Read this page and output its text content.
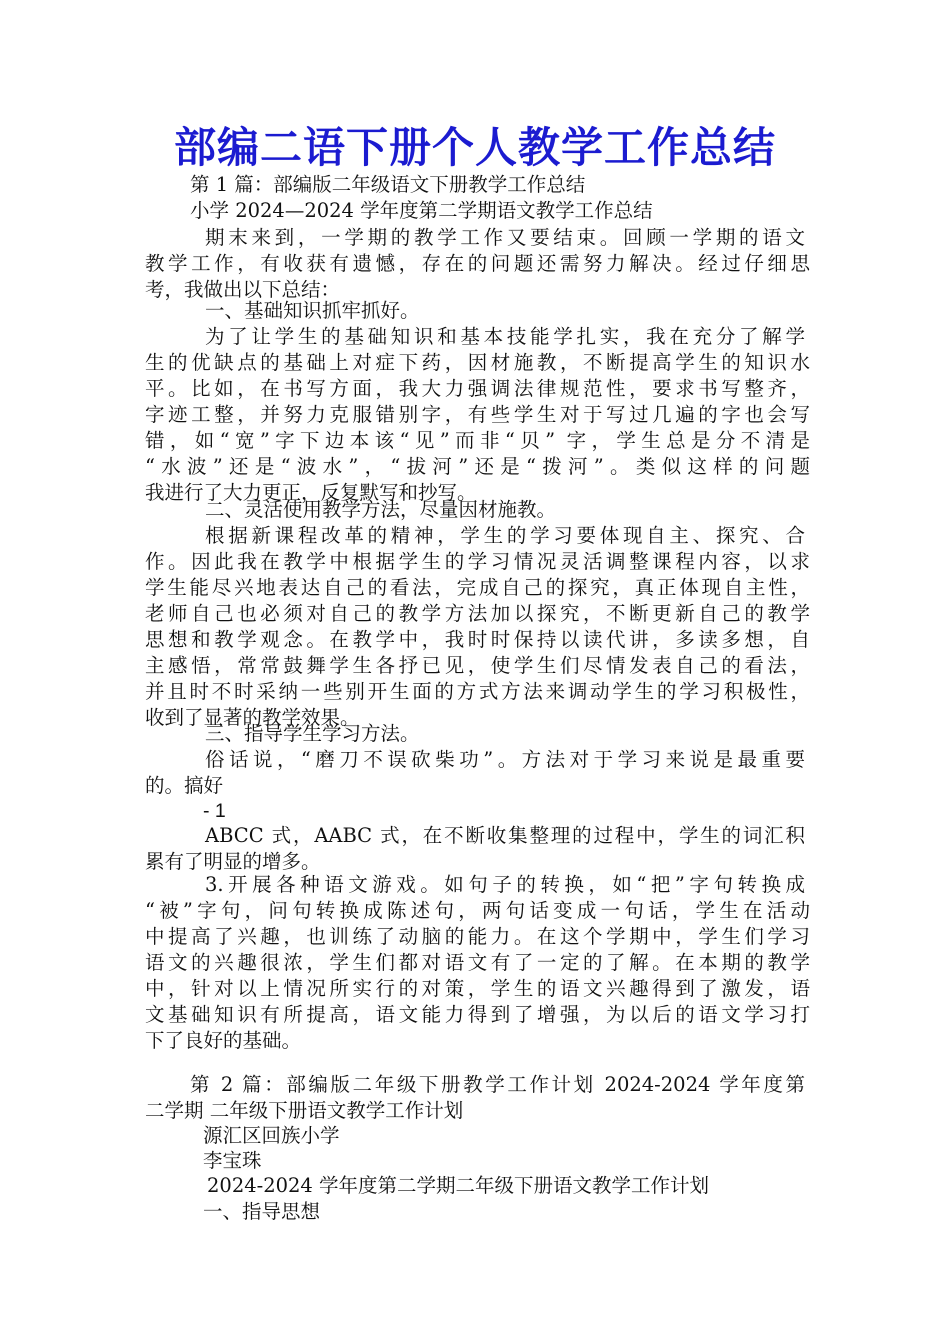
部编二语下册个人教学工作总结
第 1 篇：部编版二年级语文下册教学工作总结
小学 2024—2024 学年度第二学期语文教学工作总结
期末来到，一学期的教学工作又要结束。回顾一学期的语文
教学工作，有收获有遗憾，存在的问题还需努力解决。经过仔细思
考，我做出以下总结：
一、基础知识抓牢抓好。
为了让学生的基础知识和基本技能学扎实，我在充分了解学
生的优缺点的基础上对症下药，因材施教，不断提高学生的知识水
平。比如，在书写方面，我大力强调法律规范性，要求书写整齐，
字迹工整，并努力克服错别字，有些学生对于写过几遍的字也会写
错，如“宽”字下边本该“见”而非“贝” 字，学生总是分不清是
“水波”还是“波水”，“拔河”还是“拨河”。类似这样的问题
我进行了大力更正，反复默写和抄写。
二、灵活使用教学方法，尽量因材施教。
根据新课程改革的精神，学生的学习要体现自主、探究、合
作。因此我在教学中根据学生的学习情况灵活调整课程内容，以求
学生能尽兴地表达自己的看法，完成自己的探究，真正体现自主性，
老师自己也必须对自己的教学方法加以探究，不断更新自己的教学
思想和教学观念。在教学中，我时时保持以读代讲，多读多想，自
主感悟，常常鼓舞学生各抒已见，使学生们尽情发表自己的看法，
并且时不时采纳一些别开生面的方式方法来调动学生的学习积极性，
收到了显著的教学效果。
三、指导学生学习方法。
俗话说，“磨刀不误砍柴功”。方法对于学习来说是最重要
的。搞好
- 1
ABCC 式，AABC 式，在不断收集整理的过程中，学生的词汇积
累有了明显的增多。
3.开展各种语文游戏。如句子的转换，如“把”字句转换成
“被”字句，问句转换成陈述句，两句话变成一句话，学生在活动
中提高了兴趣，也训练了动脑的能力。在这个学期中，学生们学习
语文的兴趣很浓，学生们都对语文有了一定的了解。在本期的教学
中，针对以上情况所实行的对策，学生的语文兴趣得到了激发，语
文基础知识有所提高，语文能力得到了增强，为以后的语文学习打
下了良好的基础。
第 2 篇：部编版二年级下册教学工作计划 2024-2024 学年度第
二学期 二年级下册语文教学工作计划
源汇区回族小学
李宝珠
2024-2024 学年度第二学期二年级下册语文教学工作计划
一、指导思想
